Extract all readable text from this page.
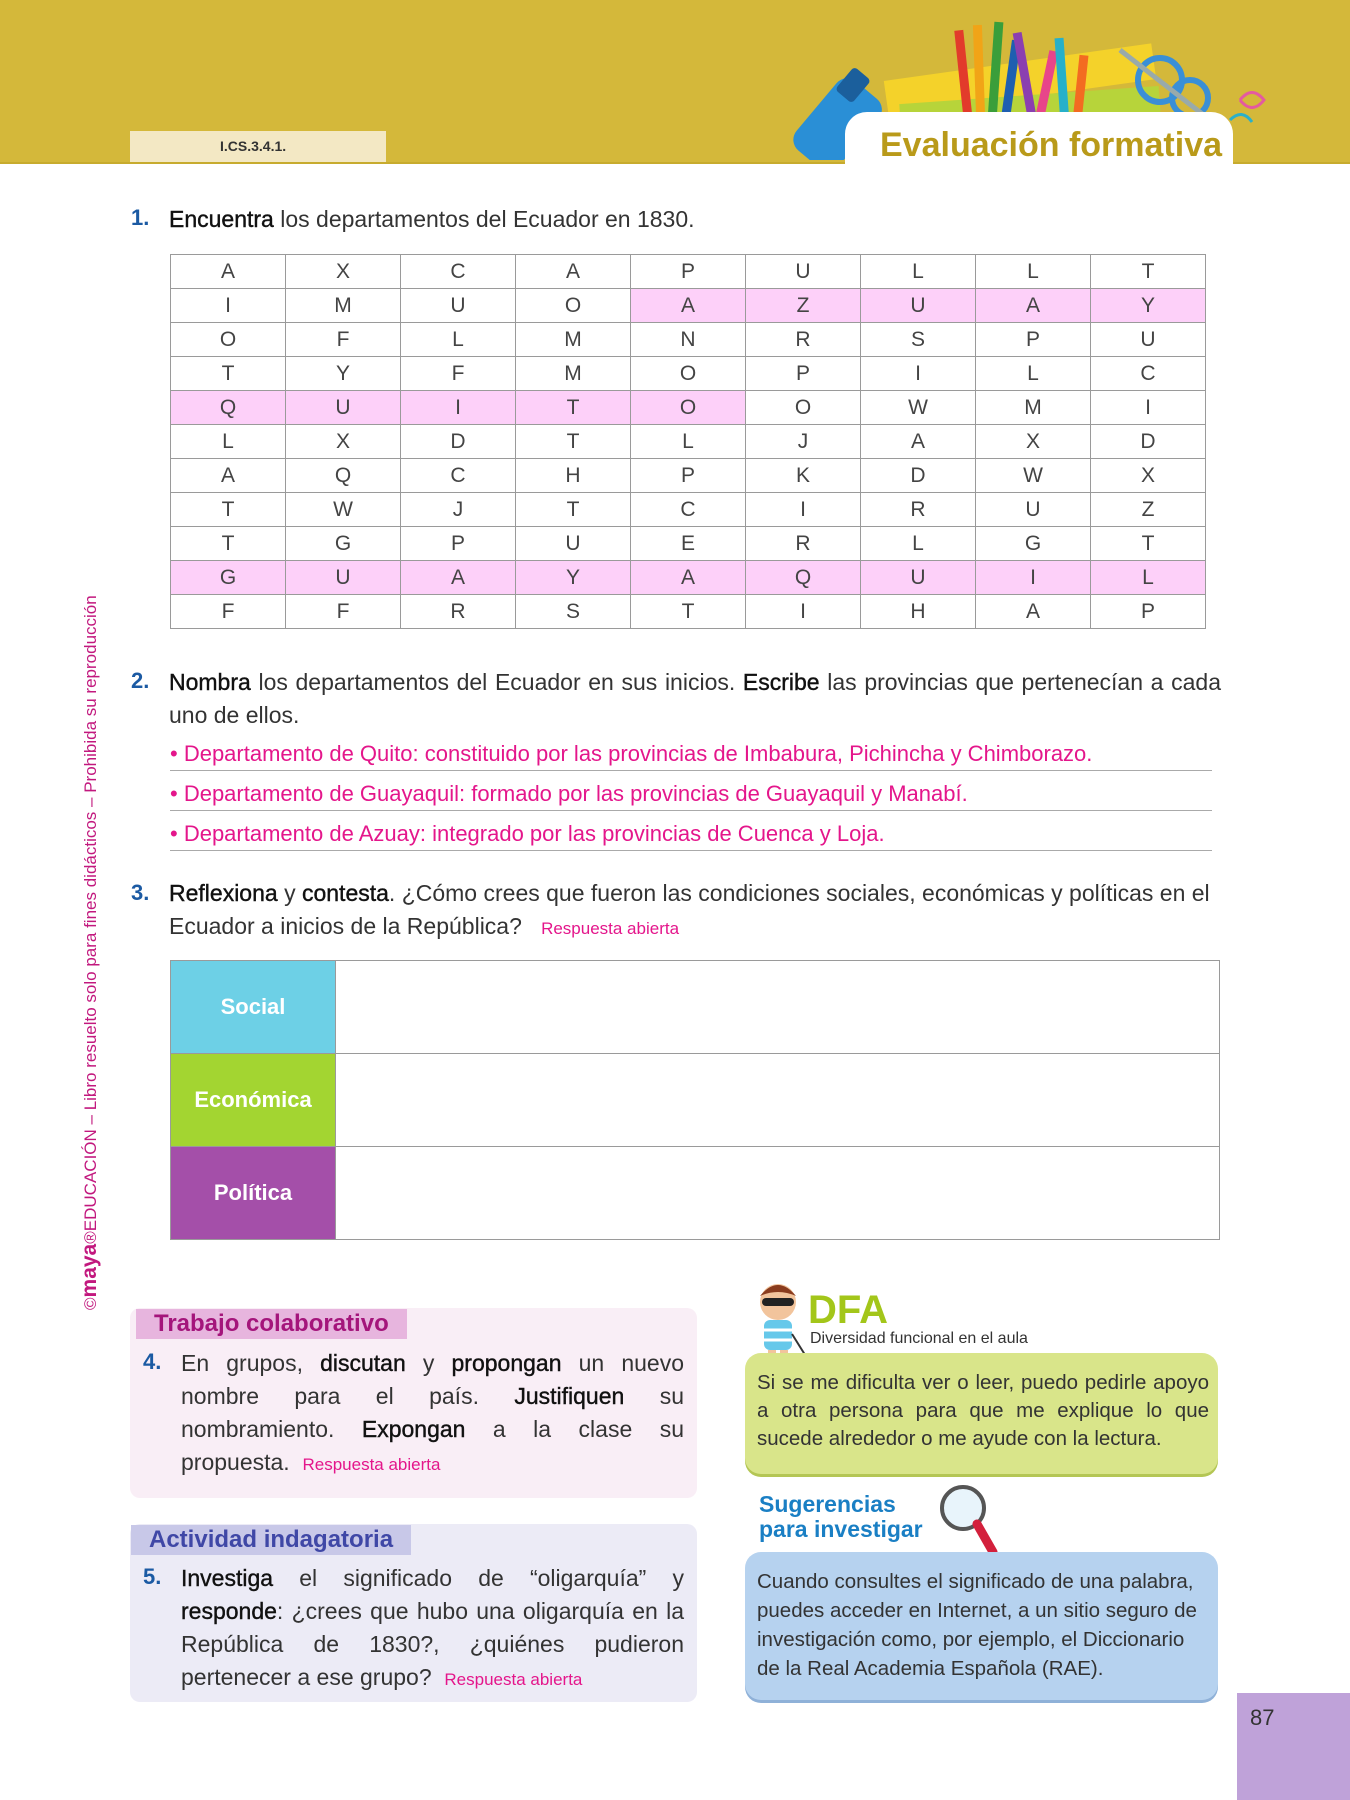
I.CS.3.4.1.	Evaluación formativa
©maya®EDUCACIÓN – Libro resuelto solo para fines didácticos – Prohibida su reproducción
1. Encuentra los departamentos del Ecuador en 1830.
A	X	C	A	P	U	L	L	T
I	M	U	O	A	Z	U	A	Y
O	F	L	M	N	R	S	P	U
T	Y	F	M	O	P	I	L	C
Q	U	I	T	O	O	W	M	I
L	X	D	T	L	J	A	X	D
A	Q	C	H	P	K	D	W	X
T	W	J	T	C	I	R	U	Z
T	G	P	U	E	R	L	G	T
G	U	A	Y	A	Q	U	I	L
F	F	R	S	T	I	H	A	P
2. Nombra los departamentos del Ecuador en sus inicios. Escribe las provincias que pertenecían a cada uno de ellos.
• Departamento de Quito: constituido por las provincias de Imbabura, Pichincha y Chimborazo.
• Departamento de Guayaquil: formado por las provincias de Guayaquil y Manabí.
• Departamento de Azuay: integrado por las provincias de Cuenca y Loja.
3. Reflexiona y contesta. ¿Cómo crees que fueron las condiciones sociales, económicas y políticas en el Ecuador a inicios de la República? Respuesta abierta
Social	
Económica	
Política	
Trabajo colaborativo
4. En grupos, discutan y propongan un nuevo nombre para el país. Justifiquen su nombramiento. Expongan a la clase su propuesta. Respuesta abierta
Actividad indagatoria
5. Investiga el significado de “oligarquía” y responde: ¿crees que hubo una oligarquía en la República de 1830?, ¿quiénes pudieron pertenecer a ese grupo? Respuesta abierta
DFA
Diversidad funcional en el aula
Si se me dificulta ver o leer, puedo pedirle apoyo a otra persona para que me explique lo que sucede alrededor o me ayude con la lectura.
Sugerencias
para investigar
Cuando consultes el significado de una palabra, puedes acceder en Internet, a un sitio seguro de investigación como, por ejemplo, el Diccionario de la Real Academia Española (RAE).
87
